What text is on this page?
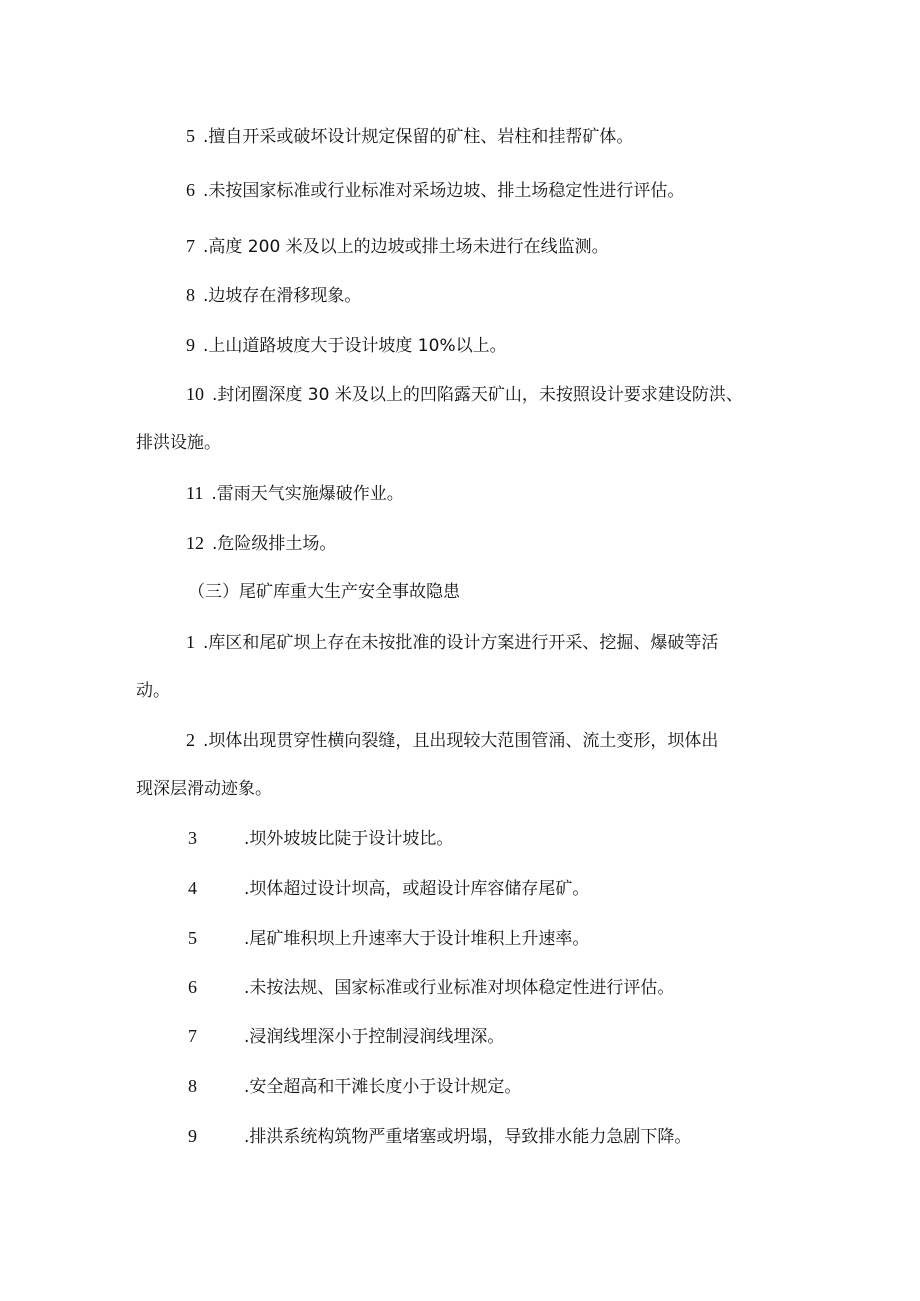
5 .擅自开采或破坏设计规定保留的矿柱、岩柱和挂帮矿体。
6 .未按国家标准或行业标准对采场边坡、排土场稳定性进行评估。
7 .高度 200 米及以上的边坡或排土场未进行在线监测。
8 .边坡存在滑移现象。
9 .上山道路坡度大于设计坡度 10%以上。
10 .封闭圈深度 30 米及以上的凹陷露天矿山，未按照设计要求建设防洪、
排洪设施。
11 .雷雨天气实施爆破作业。
12 .危险级排土场。
（三）尾矿库重大生产安全事故隐患
1 .库区和尾矿坝上存在未按批准的设计方案进行开采、挖掘、爆破等活
动。
2 .坝体出现贯穿性横向裂缝，且出现较大范围管涌、流土变形，坝体出
现深层滑动迹象。
3	.坝外坡坡比陡于设计坡比。
4	.坝体超过设计坝高，或超设计库容储存尾矿。
5	.尾矿堆积坝上升速率大于设计堆积上升速率。
6	.未按法规、国家标准或行业标准对坝体稳定性进行评估。
7	.浸润线埋深小于控制浸润线埋深。
8	.安全超高和干滩长度小于设计规定。
9	.排洪系统构筑物严重堵塞或坍塌，导致排水能力急剧下降。
